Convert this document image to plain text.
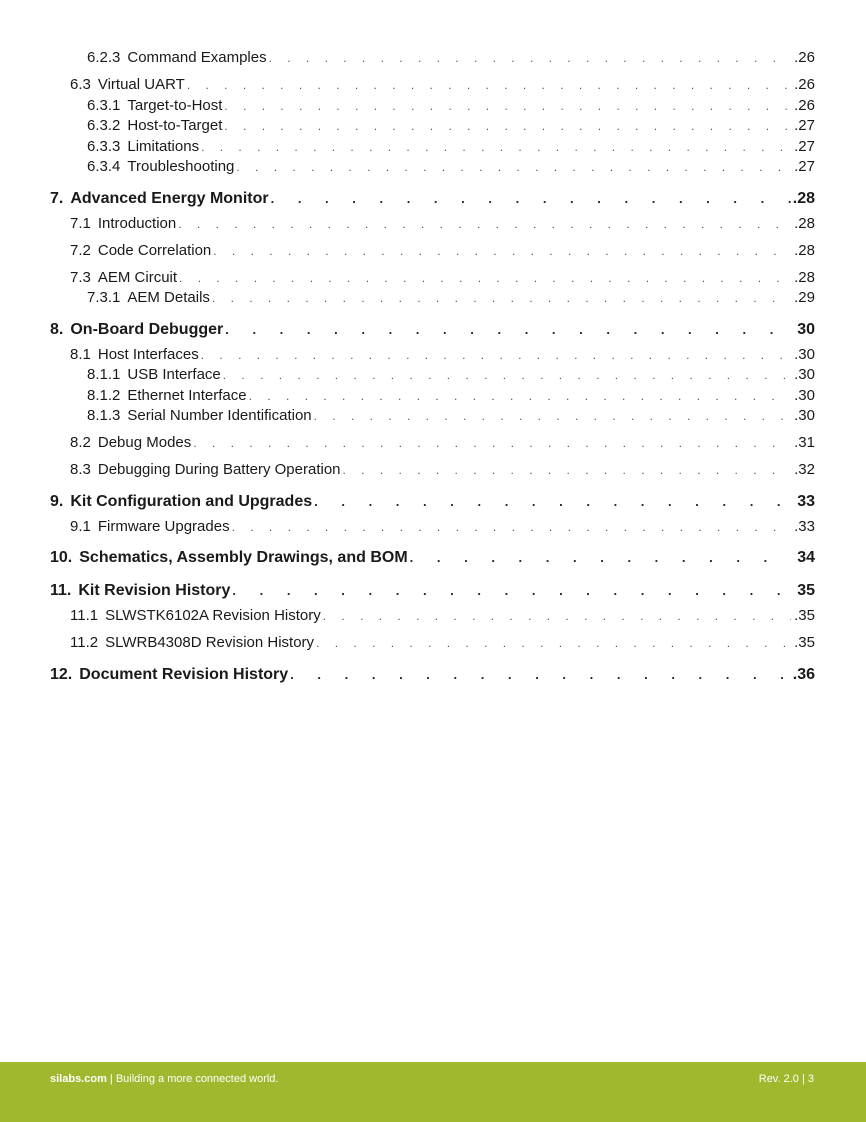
6.2.3 Command Examples . . .	.26
6.3 Virtual UART . . .	.26
6.3.1 Target-to-Host . . .	.26
6.3.2 Host-to-Target . . .	.27
6.3.3 Limitations . . .	.27
6.3.4 Troubleshooting . . .	.27
7. Advanced Energy Monitor . . .	.28
7.1 Introduction . . .	.28
7.2 Code Correlation . . .	.28
7.3 AEM Circuit . . .	.28
7.3.1 AEM Details . . .	.29
8. On-Board Debugger . . .	30
8.1 Host Interfaces . . .	.30
8.1.1 USB Interface . . .	.30
8.1.2 Ethernet Interface . . .	.30
8.1.3 Serial Number Identification . . .	.30
8.2 Debug Modes . . .	.31
8.3 Debugging During Battery Operation . . .	.32
9. Kit Configuration and Upgrades . . .	33
9.1 Firmware Upgrades . . .	.33
10. Schematics, Assembly Drawings, and BOM . . .	34
11. Kit Revision History . . .	35
11.1 SLWSTK6102A Revision History . . .	.35
11.2 SLWRB4308D Revision History . . .	.35
12. Document Revision History . . .	.36
silabs.com | Building a more connected world.	Rev. 2.0 | 3
